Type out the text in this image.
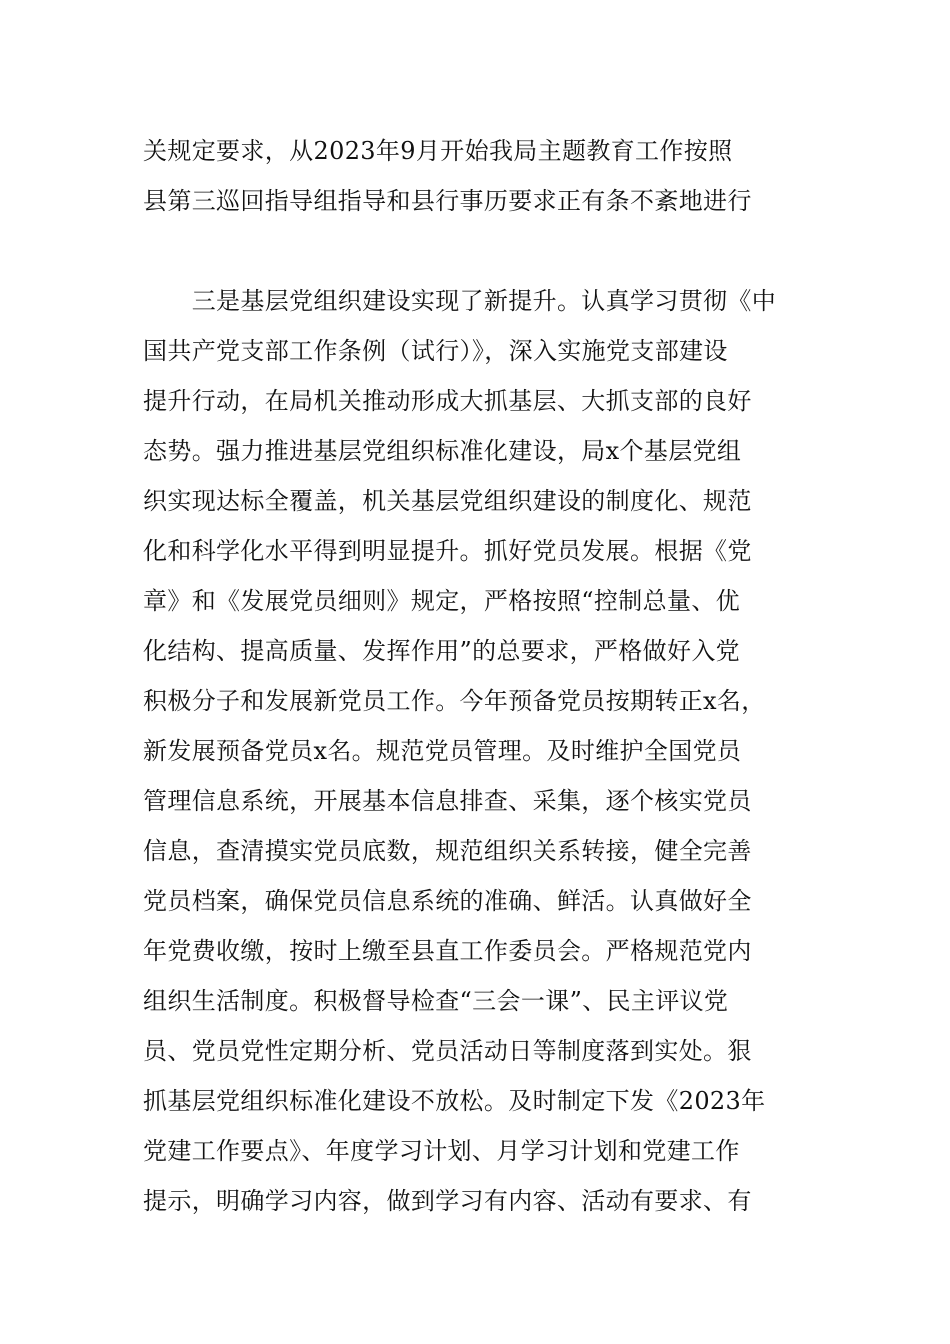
关规定要求，从2023年9月开始我局主题教育工作按照
县第三巡回指导组指导和县行事历要求正有条不紊地进行
　　三是基层党组织建设实现了新提升。认真学习贯彻《中
国共产党支部工作条例（试行）》，深入实施党支部建设
提升行动，在局机关推动形成大抓基层、大抓支部的良好
态势。强力推进基层党组织标准化建设，局x个基层党组
织实现达标全覆盖，机关基层党组织建设的制度化、规范
化和科学化水平得到明显提升。抓好党员发展。根据《党
章》和《发展党员细则》规定，严格按照“控制总量、优
化结构、提高质量、发挥作用”的总要求，严格做好入党
积极分子和发展新党员工作。今年预备党员按期转正x名，
新发展预备党员x名。规范党员管理。及时维护全国党员
管理信息系统，开展基本信息排查、采集，逐个核实党员
信息，查清摸实党员底数，规范组织关系转接，健全完善
党员档案，确保党员信息系统的准确、鲜活。认真做好全
年党费收缴，按时上缴至县直工作委员会。严格规范党内
组织生活制度。积极督导检查“三会一课”、民主评议党
员、党员党性定期分析、党员活动日等制度落到实处。狠
抓基层党组织标准化建设不放松。及时制定下发《2023年
党建工作要点》、年度学习计划、月学习计划和党建工作
提示，明确学习内容，做到学习有内容、活动有要求、有
